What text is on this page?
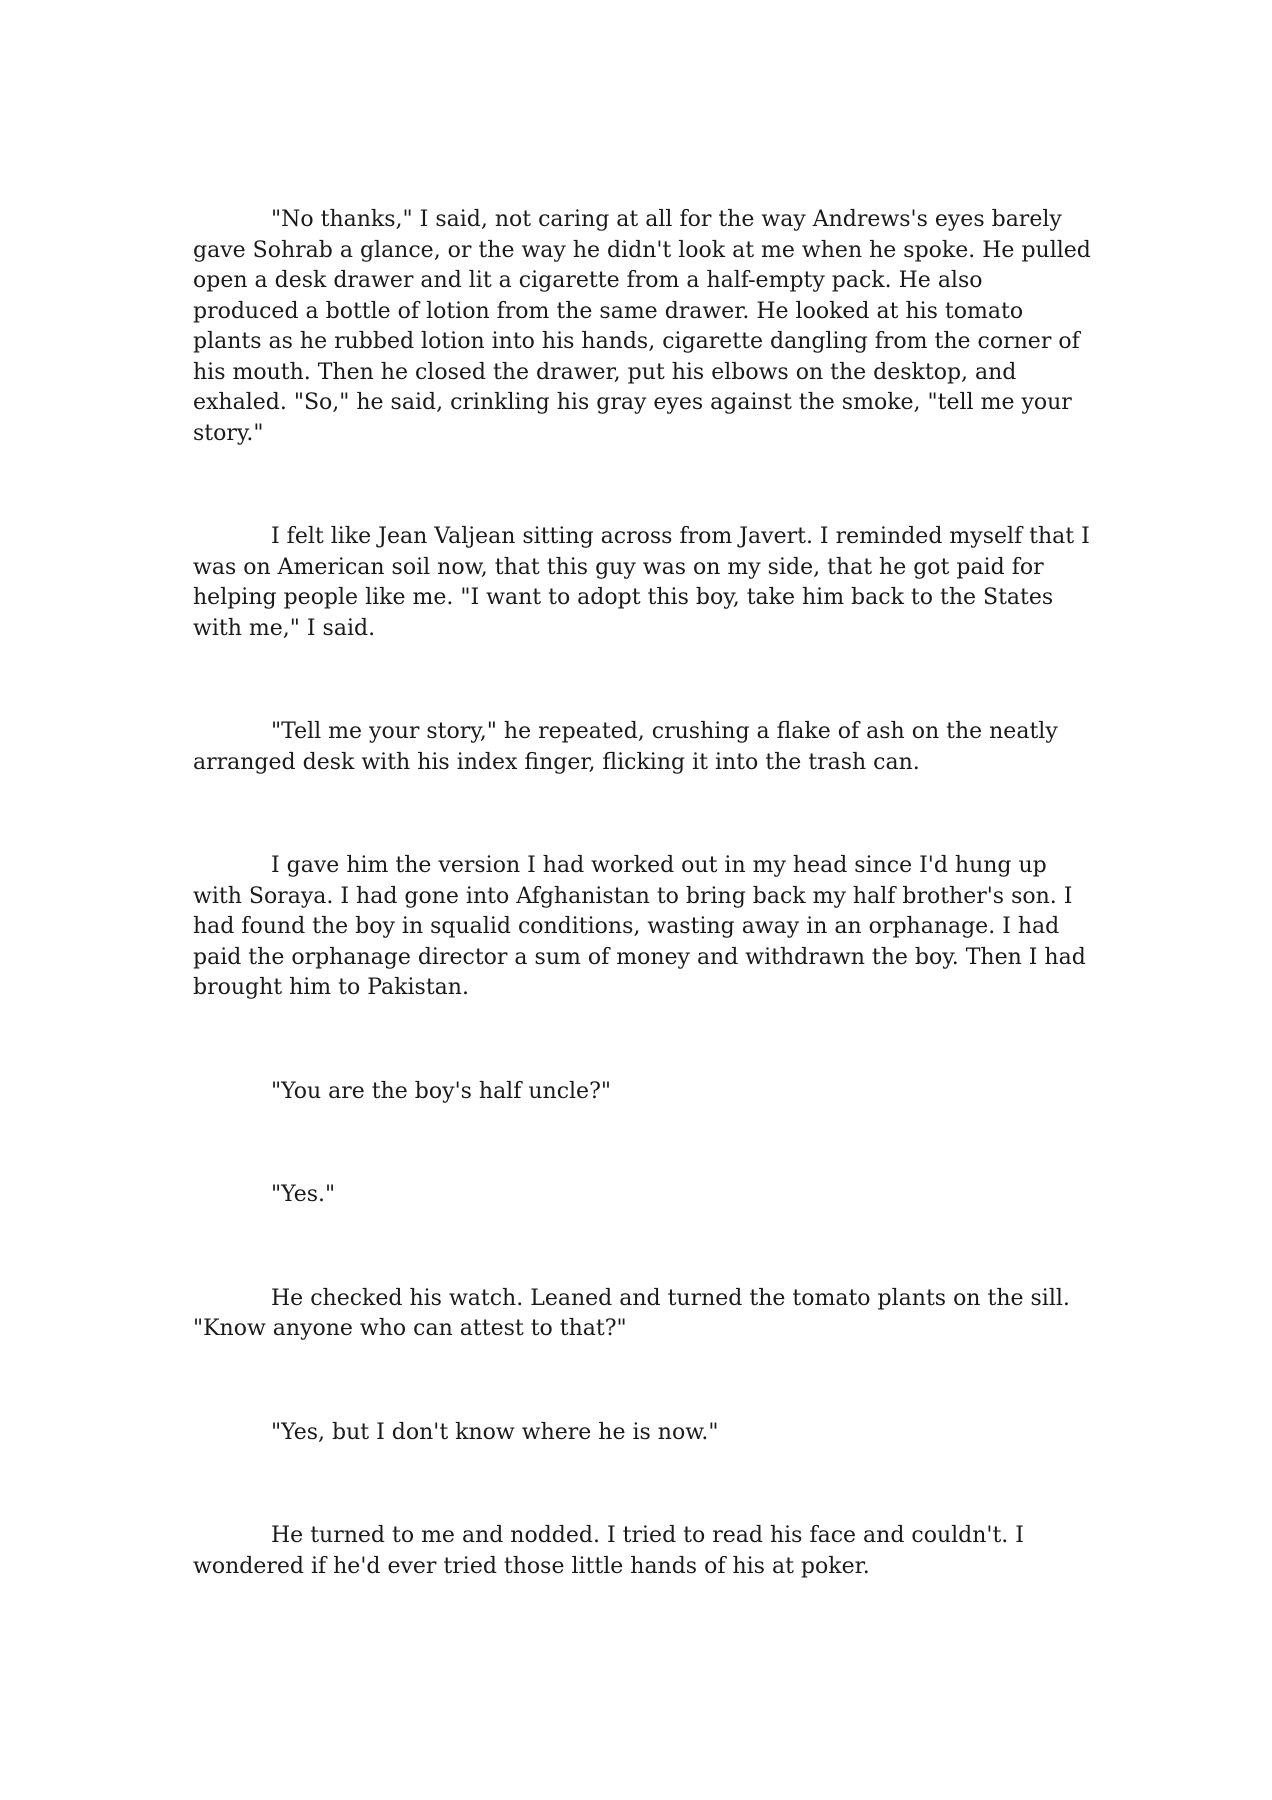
"No thanks," I said, not caring at all for the way Andrews's eyes barely gave Sohrab a glance, or the way he didn't look at me when he spoke. He pulled open a desk drawer and lit a cigarette from a half-empty pack. He also produced a bottle of lotion from the same drawer. He looked at his tomato plants as he rubbed lotion into his hands, cigarette dangling from the corner of his mouth. Then he closed the drawer, put his elbows on the desktop, and exhaled. "So," he said, crinkling his gray eyes against the smoke, "tell me your story."

I felt like Jean Valjean sitting across from Javert. I reminded myself that I was on American soil now, that this guy was on my side, that he got paid for helping people like me. "I want to adopt this boy, take him back to the States with me," I said.

"Tell me your story," he repeated, crushing a flake of ash on the neatly arranged desk with his index finger, flicking it into the trash can.

I gave him the version I had worked out in my head since I'd hung up with Soraya. I had gone into Afghanistan to bring back my half brother's son. I had found the boy in squalid conditions, wasting away in an orphanage. I had paid the orphanage director a sum of money and withdrawn the boy. Then I had brought him to Pakistan.

"You are the boy's half uncle?"

"Yes."

He checked his watch. Leaned and turned the tomato plants on the sill. "Know anyone who can attest to that?"

"Yes, but I don't know where he is now."

He turned to me and nodded. I tried to read his face and couldn't. I wondered if he'd ever tried those little hands of his at poker.
